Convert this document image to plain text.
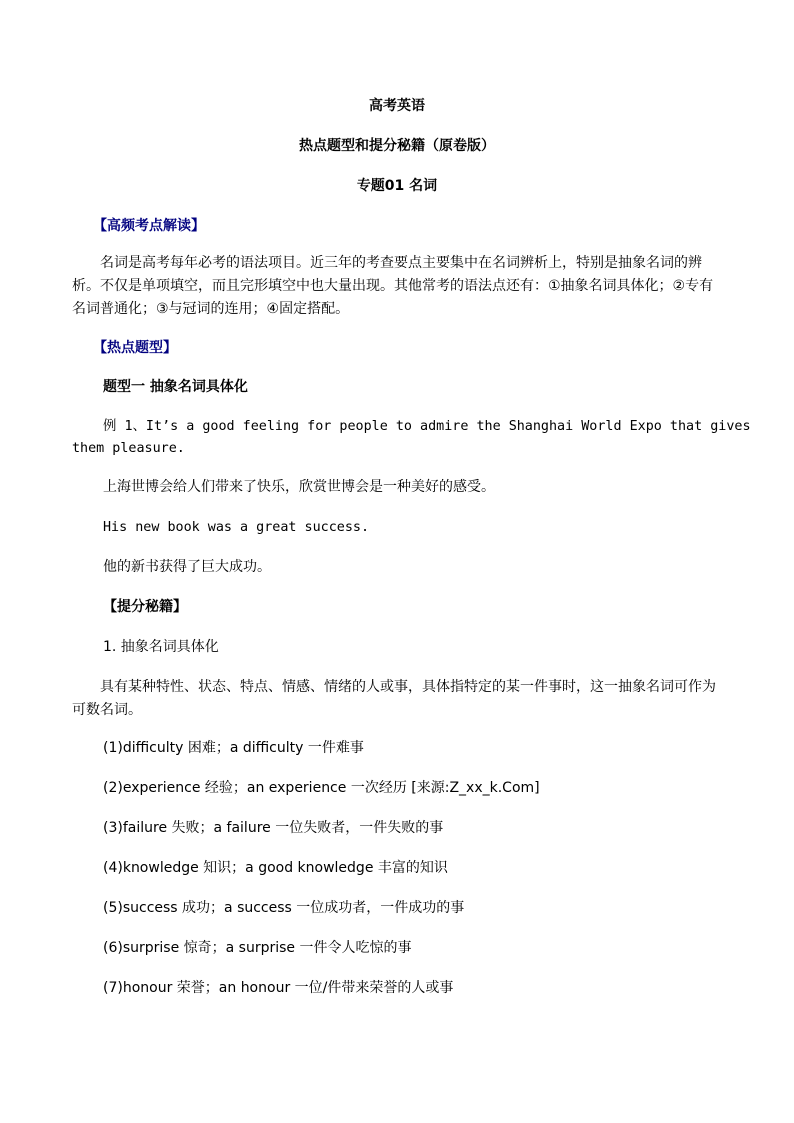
高考英语
热点题型和提分秘籍（原卷版）
专题01 名词
【高频考点解读】
名词是高考每年必考的语法项目。近三年的考查要点主要集中在名词辨析上，特别是抽象名词的辨析。不仅是单项填空，而且完形填空中也大量出现。其他常考的语法点还有：①抽象名词具体化；②专有名词普通化；③与冠词的连用；④固定搭配。
【热点题型】
题型一 抽象名词具体化
例 1、It’s a good feeling for people to admire the Shanghai World Expo that gives
them pleasure.
上海世博会给人们带来了快乐，欣赏世博会是一种美好的感受。
His new book was a great success.
他的新书获得了巨大成功。
【提分秘籍】
1. 抽象名词具体化
具有某种特性、状态、特点、情感、情绪的人或事，具体指特定的某一件事时，这一抽象名词可作为可数名词。
(1)difficulty 困难；a difficulty 一件难事
(2)experience 经验；an experience 一次经历 [来源:Z_xx_k.Com]
(3)failure 失败；a failure 一位失败者，一件失败的事
(4)knowledge 知识；a good knowledge 丰富的知识
(5)success 成功；a success 一位成功者，一件成功的事
(6)surprise 惊奇；a surprise 一件令人吃惊的事
(7)honour 荣誉；an honour 一位/件带来荣誉的人或事
